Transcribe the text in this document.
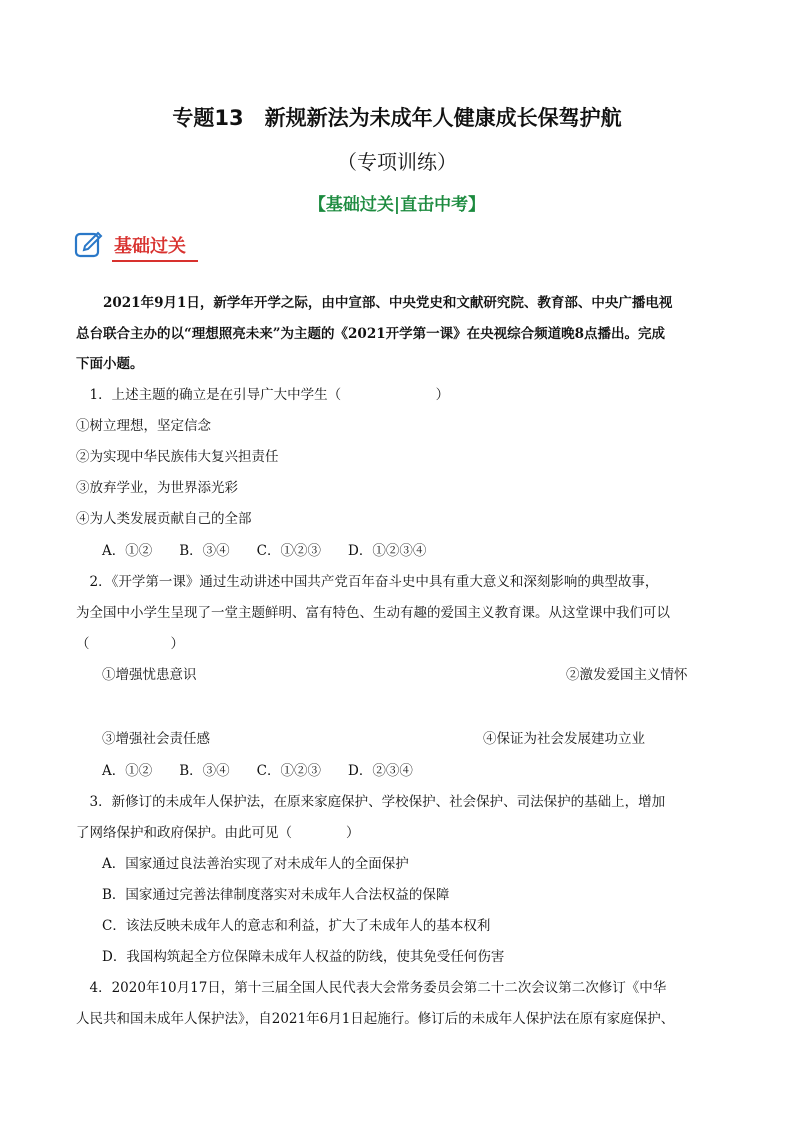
专题13　新规新法为未成年人健康成长保驾护航
（专项训练）
【基础过关|直击中考】
基础过关
　　2021年9月1日，新学年开学之际，由中宣部、中央党史和文献研究院、教育部、中央广播电视
总台联合主办的以“理想照亮未来”为主题的《2021开学第一课》在央视综合频道晚8点播出。完成
下面小题。
　1．上述主题的确立是在引导广大中学生（　　　　　　　）
①树立理想，坚定信念
②为实现中华民族伟大复兴担责任
③放弃学业，为世界添光彩
④为人类发展贡献自己的全部
A．①②　　B．③④　　C．①②③　　D．①②③④
　2．《开学第一课》通过生动讲述中国共产党百年奋斗史中具有重大意义和深刻影响的典型故事，
为全国中小学生呈现了一堂主题鲜明、富有特色、生动有趣的爱国主义教育课。从这堂课中我们可以
（　　　　　　）
①增强忧患意识	②激发爱国主义情怀
③增强社会责任感	④保证为社会发展建功立业
A．①②　　B．③④　　C．①②③　　D．②③④
　3．新修订的未成年人保护法，在原来家庭保护、学校保护、社会保护、司法保护的基础上，增加
了网络保护和政府保护。由此可见（　　　　）
A．国家通过良法善治实现了对未成年人的全面保护
B．国家通过完善法律制度落实对未成年人合法权益的保障
C．该法反映未成年人的意志和利益，扩大了未成年人的基本权利
D．我国构筑起全方位保障未成年人权益的防线，使其免受任何伤害
　4．2020年10月17日，第十三届全国人民代表大会常务委员会第二十二次会议第二次修订《中华
人民共和国未成年人保护法》，自2021年6月1日起施行。修订后的未成年人保护法在原有家庭保护、
